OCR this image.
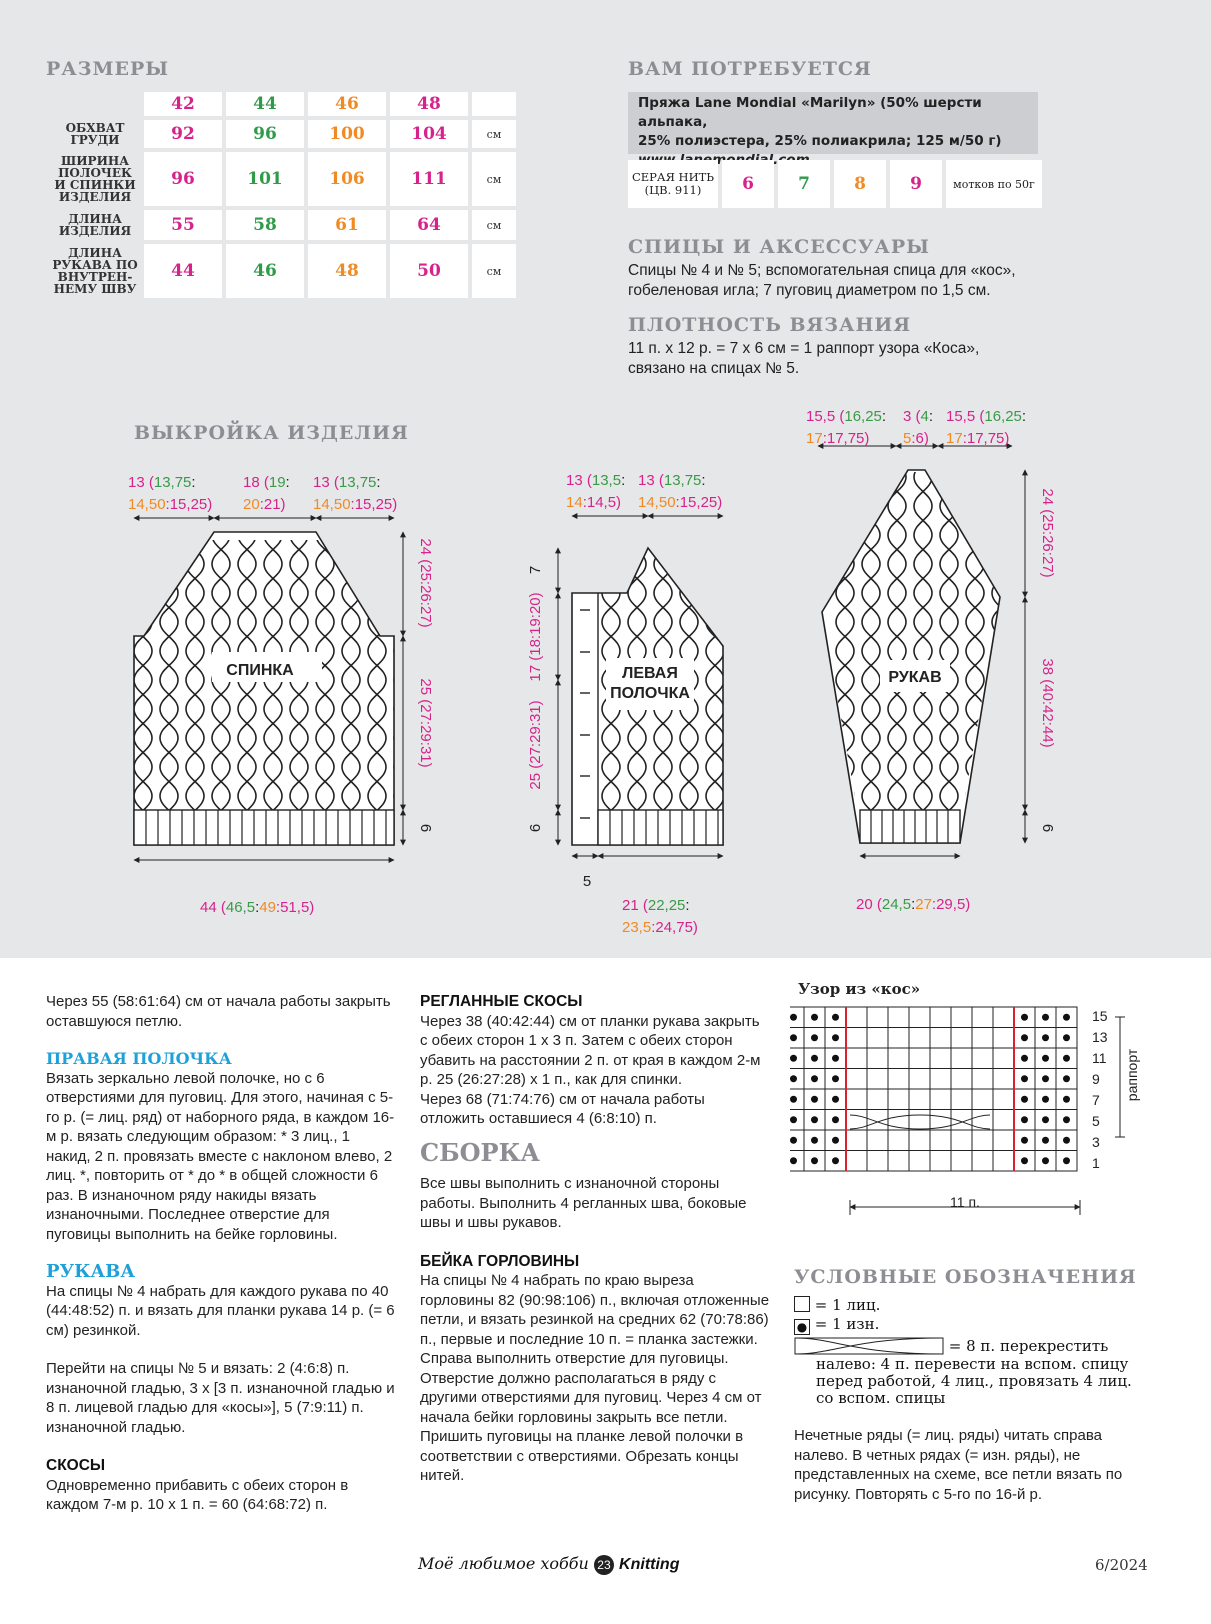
РАЗМЕРЫ
	42	44	46	48	
ОБХВАТ ГРУДИ	92	96	100	104	см
ШИРИНА ПОЛОЧЕК И СПИНКИ ИЗДЕЛИЯ	96	101	106	111	см
ДЛИНА ИЗДЕЛИЯ	55	58	61	64	см
ДЛИНА РУКАВА ПО ВНУТРЕН-НЕМУ ШВУ	44	46	48	50	см
ВАМ ПОТРЕБУЕТСЯ
Пряжа Lane Mondial «Marilyn» (50% шерсти альпака,
25% полиэстера, 25% полиакрила; 125 м/50 г)
СЕРАЯ НИТЬ (ЦВ. 911)	6	7	8	9	мотков по 50г
СПИЦЫ И АКСЕССУАРЫ
Спицы № 4 и № 5; вспомогательная спица для «кос»,
гобеленовая игла; 7 пуговиц диаметром по 1,5 см.
ПЛОТНОСТЬ ВЯЗАНИЯ
11 п. х 12 р. = 7 х 6 см = 1 раппорт узора «Коса»,
связано на спицах № 5.
ВЫКРОЙКА ИЗДЕЛИЯ
СПИНКА	ЛЕВАЯ
ПОЛОЧКА
РУКАВ
24 (25:26:27)
25 (27:29:31)
6
7
17 (18:19:20)
25 (27:29:31)
6
24 (25:26:27)
38 (40:42:44)
6
5
13 (13,75:
14,50:15,25)
18 (19:
20:21)
13 (13,75:
14,50:15,25)
44 (46,5:49:51,5)
13 (13,5:
14:14,5)
13 (13,75:
14,50:15,25)
21 (22,25:
23,5:24,75)
15,5 (16,25:
17:17,75)
3 (4:
5:6)
15,5 (16,25:
17:17,75)
20 (24,5:27:29,5)

Через 55 (58:61:64) см от начала работы закрыть оставшуюся петлю.

ПРАВАЯ ПОЛОЧКА

Вязать зеркально левой полочке, но с 6 отверстиями для пуговиц. Для этого, начиная с 5-го р. (= лиц. ряд) от наборного ряда, в каждом 16-м р. вязать следующим образом: * 3 лиц., 1 накид, 2 п. провязать вместе с наклоном влево, 2 лиц. *, повторить от * до * в общей сложности 6 раз. В изнаночном ряду накиды вязать изнаночными. Последнее отверстие для пуговицы выполнить на бейке горловины.

РУКАВА

На спицы № 4 набрать для каждого рукава по 40 (44:48:52) п. и вязать для планки рукава 14 р. (= 6 см) резинкой.

Перейти на спицы № 5 и вязать: 2 (4:6:8) п. изнаночной гладью, 3 х [3 п. изнаночной гладью и 8 п. лицевой гладью для «косы»], 5 (7:9:11) п. изнаночной гладью.

СКОСЫ

Одновременно прибавить с обеих сторон в каждом 7-м р. 10 х 1 п. = 60 (64:68:72) п.

РЕГЛАННЫЕ СКОСЫ

Через 38 (40:42:44) см от планки рукава закрыть с обеих сторон 1 х 3 п. Затем с обеих сторон убавить на расстоянии 2 п. от края в каждом 2-м р. 25 (26:27:28) х 1 п., как для спинки.

Через 68 (71:74:76) см от начала работы отложить оставшиеся 4 (6:8:10) п.

СБОРКА

Все швы выполнить с изнаночной стороны работы. Выполнить 4 регланных шва, боковые швы и швы рукавов.

БЕЙКА ГОРЛОВИНЫ

На спицы № 4 набрать по краю выреза горловины 82 (90:98:106) п., включая отложенные петли, и вязать резинкой на средних 62 (70:78:86) п., первые и последние 10 п. = планка застежки. Справа выполнить отверстие для пуговицы. Отверстие должно располагаться в ряду с другими отверстиями для пуговиц. Через 4 см от начала бейки горловины закрыть все петли. Пришить пуговицы на планке левой полочки в соответствии с отверстиями. Обрезать концы нитей.

Узор из «кос»
11 п.
раппорт
15
13
11
9
7
5
3
1
УСЛОВНЫЕ ОБОЗНАЧЕНИЯ
= 1 лиц.
● = 1 изн.
= 8 п. перекрестить
налево: 4 п. перевести на вспом. спицу перед работой, 4 лиц., провязать 4 лиц. со вспом. спицы
Нечетные ряды (= лиц. ряды) читать справа налево. В четных рядах (= изн. ряды), не представленных на схеме, все петли вязать по рисунку. Повторять с 5-го по 16-й р.
Моё любимое хобби 23 Knitting	6/2024
